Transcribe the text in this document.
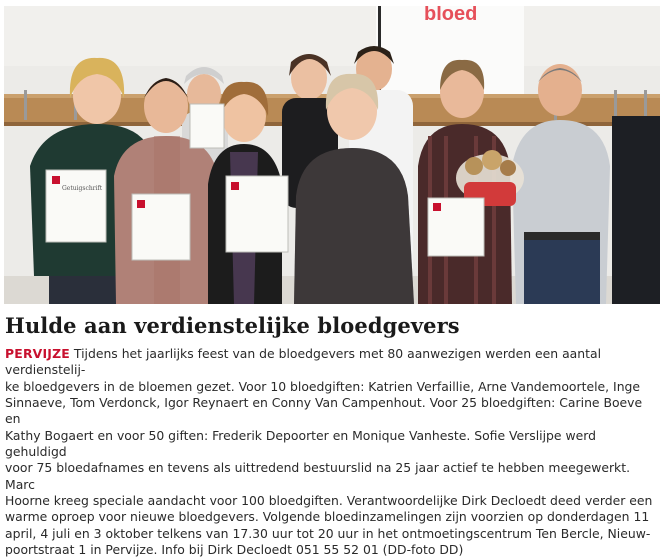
bloed
Getuigschrift
Hulde aan verdienstelijke bloedgevers

PERVIJZE Tijdens het jaarlijks feest van de bloedgevers met 80 aanwezigen werden een aantal verdienstelij-
ke bloedgevers in de bloemen gezet. Voor 10 bloedgiften: Katrien Verfaillie, Arne Vandemoortele, Inge
Sinnaeve, Tom Verdonck, Igor Reynaert en Conny Van Campenhout. Voor 25 bloedgiften: Carine Boeve en
Kathy Bogaert en voor 50 giften: Frederik Depoorter en Monique Vanheste. Sofie Verslijpe werd gehuldigd
voor 75 bloedafnames en tevens als uittredend bestuurslid na 25 jaar actief te hebben meegewerkt. Marc
Hoorne kreeg speciale aandacht voor 100 bloedgiften. Verantwoordelijke Dirk Decloedt deed verder een
warme oproep voor nieuwe bloedgevers. Volgende bloedinzamelingen zijn voorzien op donderdagen 11
april, 4 juli en 3 oktober telkens van 17.30 uur tot 20 uur in het ontmoetingscentrum Ten Bercle, Nieuw-
poortstraat 1 in Pervijze. Info bij Dirk Decloedt 051 55 52 01 (DD-foto DD)
